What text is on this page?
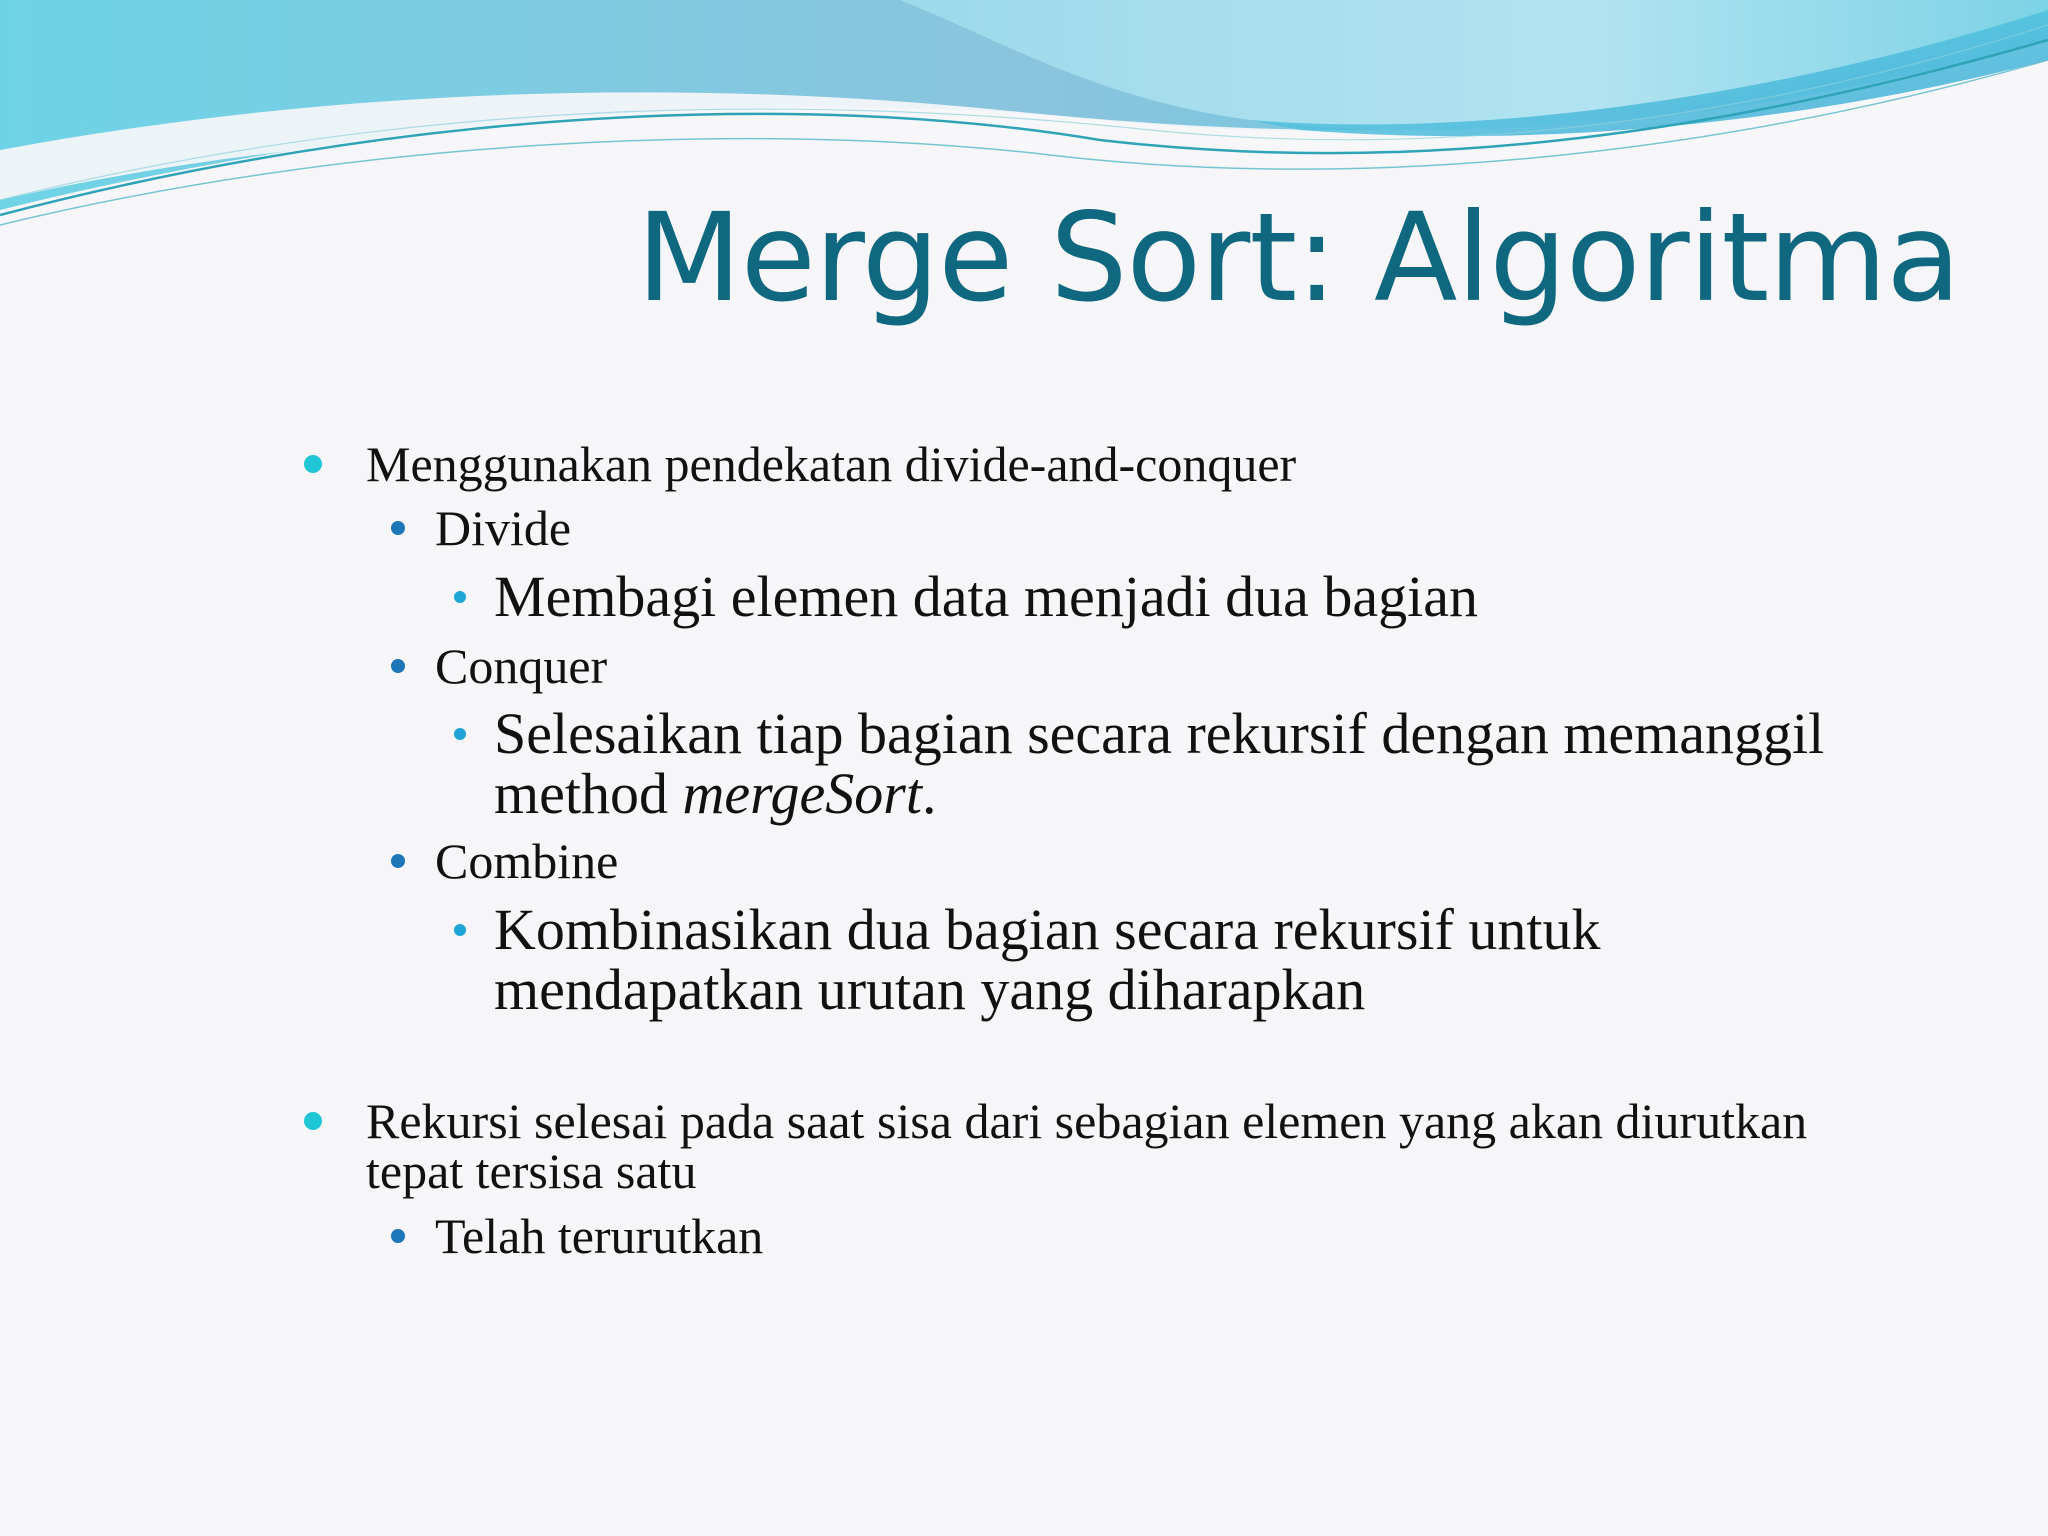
Merge Sort: Algoritma
Menggunakan pendekatan divide-and-conquer
Divide
Membagi elemen data menjadi dua bagian
Conquer
Selesaikan tiap bagian secara rekursif dengan memanggil
method mergeSort.
Combine
Kombinasikan dua bagian secara rekursif untuk
mendapatkan urutan yang diharapkan
Rekursi selesai pada saat sisa dari sebagian elemen yang akan diurutkan
tepat tersisa satu
Telah terurutkan
